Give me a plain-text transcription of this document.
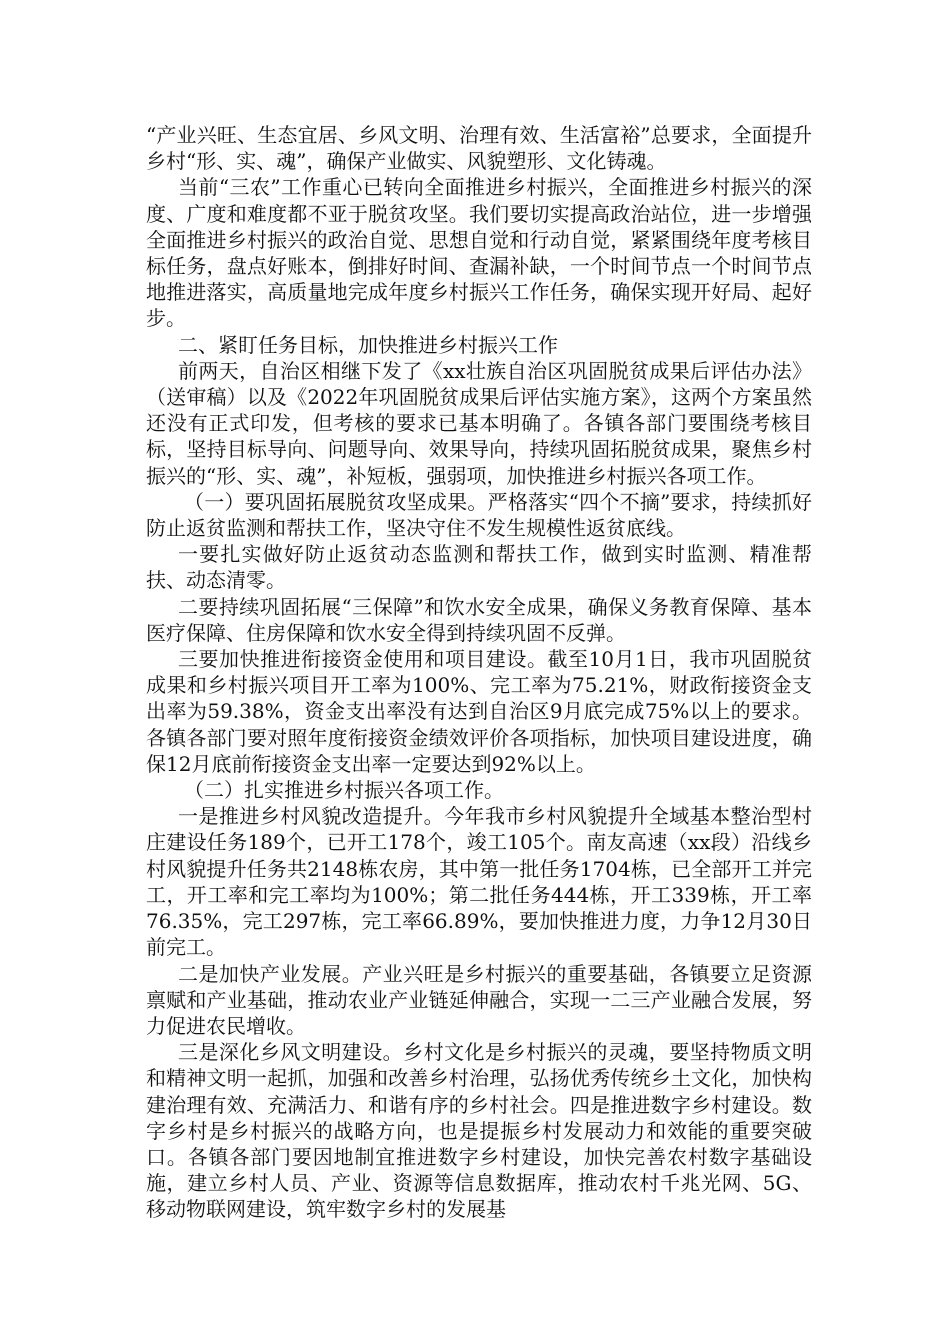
“产业兴旺、生态宜居、乡风文明、治理有效、生活富裕”总要求，全面提升乡村“形、实、魂”，确保产业做实、风貌塑形、文化铸魂。

当前“三农”工作重心已转向全面推进乡村振兴，全面推进乡村振兴的深度、广度和难度都不亚于脱贫攻坚。我们要切实提高政治站位，进一步增强全面推进乡村振兴的政治自觉、思想自觉和行动自觉，紧紧围绕年度考核目标任务，盘点好账本，倒排好时间、查漏补缺，一个时间节点一个时间节点地推进落实，高质量地完成年度乡村振兴工作任务，确保实现开好局、起好步。

二、紧盯任务目标，加快推进乡村振兴工作

前两天，自治区相继下发了《xx壮族自治区巩固脱贫成果后评估办法》（送审稿）以及《2022年巩固脱贫成果后评估实施方案》，这两个方案虽然还没有正式印发，但考核的要求已基本明确了。各镇各部门要围绕考核目标，坚持目标导向、问题导向、效果导向，持续巩固拓脱贫成果，聚焦乡村振兴的“形、实、魂”，补短板，强弱项，加快推进乡村振兴各项工作。

（一）要巩固拓展脱贫攻坚成果。严格落实“四个不摘”要求，持续抓好防止返贫监测和帮扶工作，坚决守住不发生规模性返贫底线。

一要扎实做好防止返贫动态监测和帮扶工作，做到实时监测、精准帮扶、动态清零。

二要持续巩固拓展“三保障”和饮水安全成果，确保义务教育保障、基本医疗保障、住房保障和饮水安全得到持续巩固不反弹。

三要加快推进衔接资金使用和项目建设。截至10月1日，我市巩固脱贫成果和乡村振兴项目开工率为100%、完工率为75.21%，财政衔接资金支出率为59.38%，资金支出率没有达到自治区9月底完成75%以上的要求。各镇各部门要对照年度衔接资金绩效评价各项指标，加快项目建设进度，确保12月底前衔接资金支出率一定要达到92%以上。

（二）扎实推进乡村振兴各项工作。

一是推进乡村风貌改造提升。今年我市乡村风貌提升全域基本整治型村庄建设任务189个，已开工178个，竣工105个。南友高速（xx段）沿线乡村风貌提升任务共2148栋农房，其中第一批任务1704栋，已全部开工并完工，开工率和完工率均为100%；第二批任务444栋，开工339栋，开工率76.35%，完工297栋，完工率66.89%，要加快推进力度，力争12月30日前完工。

二是加快产业发展。产业兴旺是乡村振兴的重要基础，各镇要立足资源禀赋和产业基础，推动农业产业链延伸融合，实现一二三产业融合发展，努力促进农民增收。

三是深化乡风文明建设。乡村文化是乡村振兴的灵魂，要坚持物质文明和精神文明一起抓，加强和改善乡村治理，弘扬优秀传统乡土文化，加快构建治理有效、充满活力、和谐有序的乡村社会。四是推进数字乡村建设。数字乡村是乡村振兴的战略方向，也是提振乡村发展动力和效能的重要突破口。各镇各部门要因地制宜推进数字乡村建设，加快完善农村数字基础设施，建立乡村人员、产业、资源等信息数据库，推动农村千兆光网、5G、移动物联网建设，筑牢数字乡村的发展基
